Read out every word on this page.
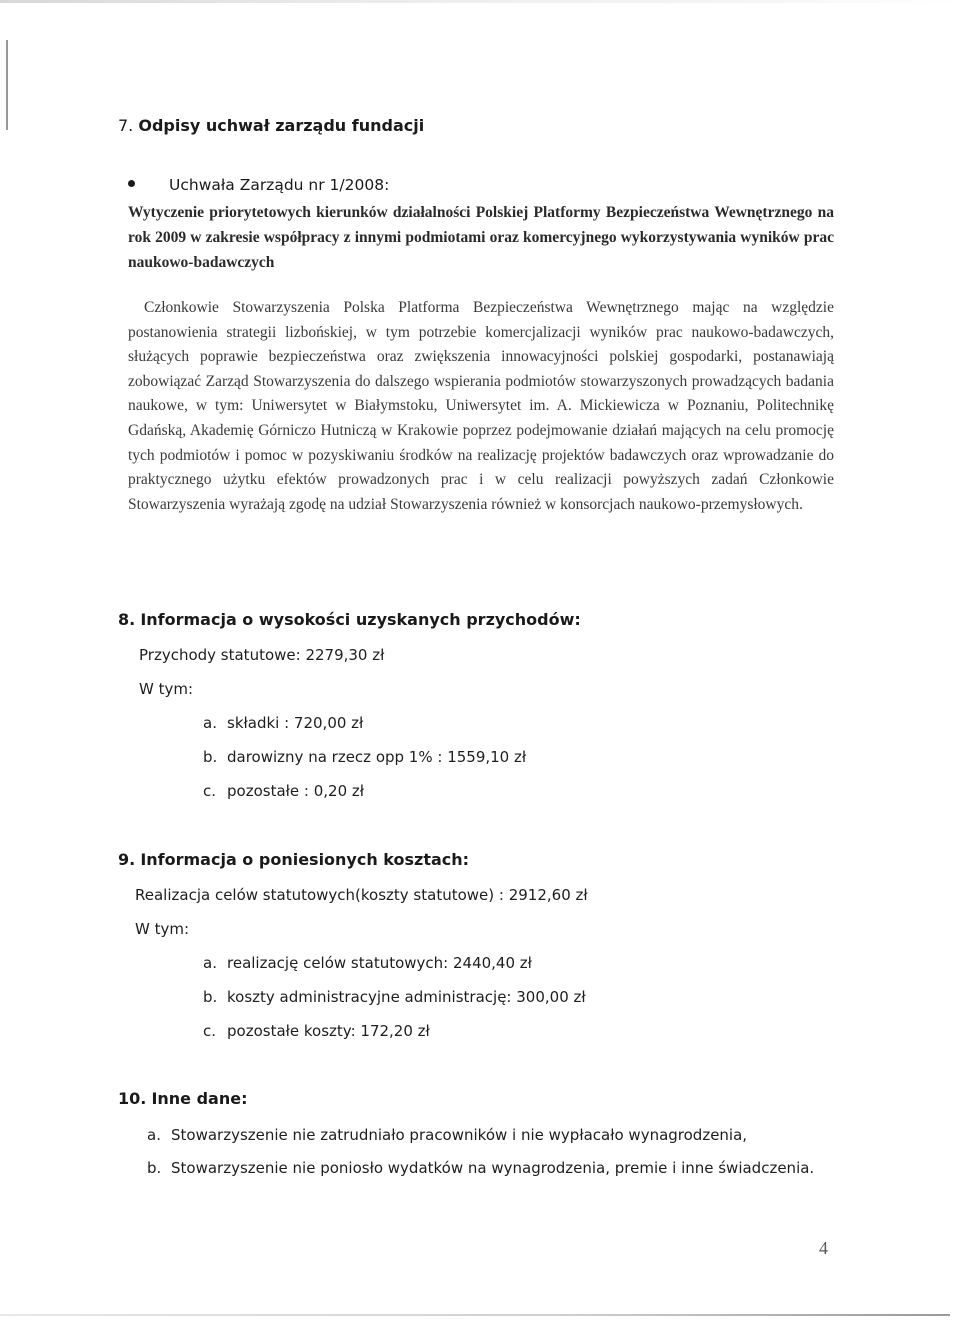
7. Odpisy uchwał zarządu fundacji
Uchwała Zarządu nr 1/2008:
Wytyczenie priorytetowych kierunków działalności Polskiej Platformy Bezpieczeństwa Wewnętrznego na rok 2009 w zakresie współpracy z innymi podmiotami oraz komercyjnego wykorzystywania wyników prac naukowo-badawczych
Członkowie Stowarzyszenia Polska Platforma Bezpieczeństwa Wewnętrznego mając na względzie postanowienia strategii lizbońskiej, w tym potrzebie komercjalizacji wyników prac naukowo-badawczych, służących poprawie bezpieczeństwa oraz zwiększenia innowacyjności polskiej gospodarki, postanawiają zobowiązać Zarząd Stowarzyszenia do dalszego wspierania podmiotów stowarzyszonych prowadzących badania naukowe, w tym: Uniwersytet w Białymstoku, Uniwersytet im. A. Mickiewicza w Poznaniu, Politechnikę Gdańską, Akademię Górniczo Hutniczą w Krakowie poprzez podejmowanie działań mających na celu promocję tych podmiotów i pomoc w pozyskiwaniu środków na realizację projektów badawczych oraz wprowadzanie do praktycznego użytku efektów prowadzonych prac i w celu realizacji powyższych zadań Członkowie Stowarzyszenia wyrażają zgodę na udział Stowarzyszenia również w konsorcjach naukowo-przemysłowych.
8. Informacja o wysokości uzyskanych przychodów:
Przychody statutowe: 2279,30 zł
W tym:
a. składki : 720,00 zł
b. darowizny na rzecz opp 1% : 1559,10 zł
c. pozostałe : 0,20 zł
9. Informacja o poniesionych kosztach:
Realizacja celów statutowych(koszty statutowe) : 2912,60 zł
W tym:
a. realizację celów statutowych: 2440,40 zł
b. koszty administracyjne administrację: 300,00 zł
c. pozostałe koszty: 172,20 zł
10. Inne dane:
a. Stowarzyszenie nie zatrudniało pracowników i nie wypłacało wynagrodzenia,
b. Stowarzyszenie nie poniosło wydatków na wynagrodzenia, premie i inne świadczenia.
4
